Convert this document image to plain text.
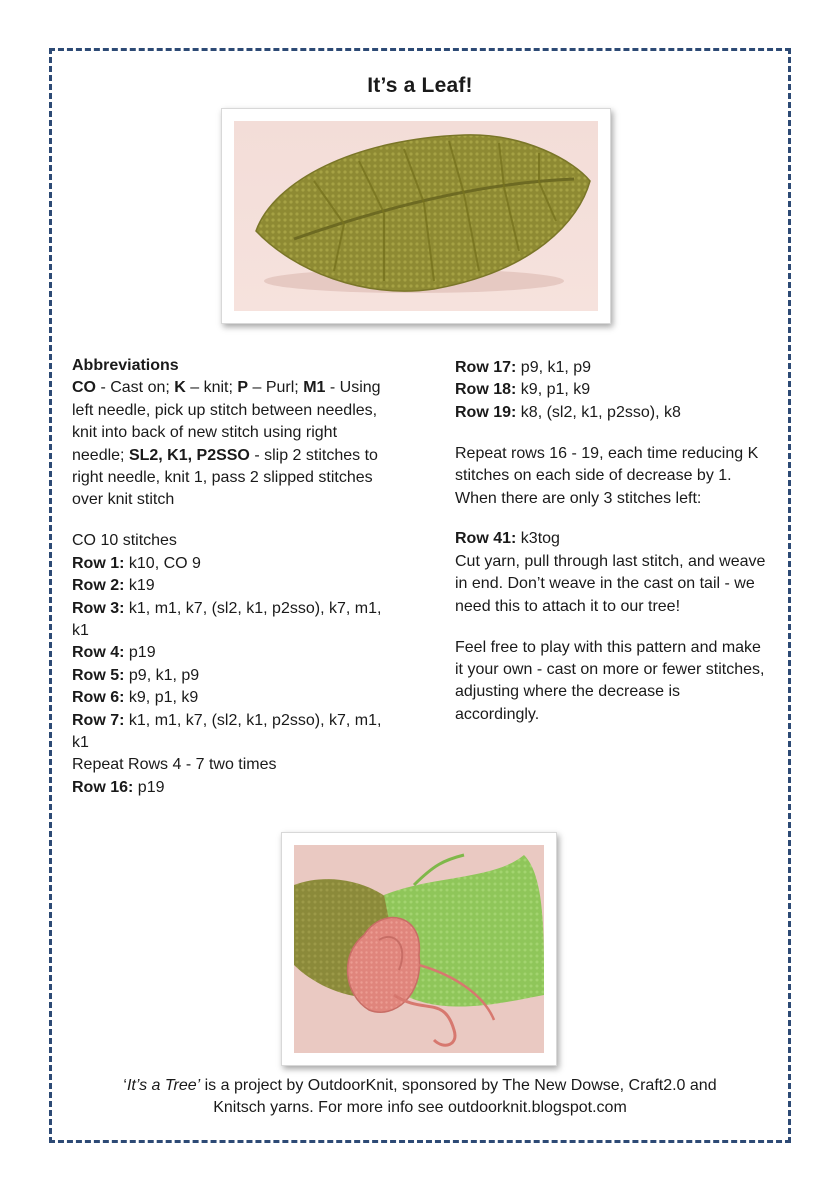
It’s a Leaf!
Abbreviations
CO - Cast on; K – knit; P – Purl; M1 - Using left needle, pick up stitch between needles, knit into back of new stitch using right needle; SL2, K1, P2SSO - slip 2 stitches to right needle, knit 1, pass 2 slipped stitches over knit stitch
CO 10 stitches
Row 1: k10, CO 9
Row 2: k19
Row 3: k1, m1, k7, (sl2, k1, p2sso), k7, m1, k1
Row 4: p19
Row 5: p9, k1, p9
Row 6: k9, p1, k9
Row 7: k1, m1, k7, (sl2, k1, p2sso), k7, m1, k1
Repeat Rows 4 - 7 two times
Row 16: p19
Row 17: p9, k1, p9
Row 18: k9, p1, k9
Row 19: k8, (sl2, k1, p2sso), k8
Repeat rows 16 - 19, each time reducing K stitches on each side of decrease by 1.
When there are only 3 stitches left:
Row 41: k3tog
Cut yarn, pull through last stitch, and weave in end. Don’t weave in the cast on tail - we need this to attach it to our tree!
Feel free to play with this pattern and make it your own - cast on more or fewer stitches, adjusting where the decrease is accordingly.
‘It’s a Tree’ is a project by OutdoorKnit, sponsored by The New Dowse, Craft2.0 and
Knitsch yarns. For more info see outdoorknit.blogspot.com
